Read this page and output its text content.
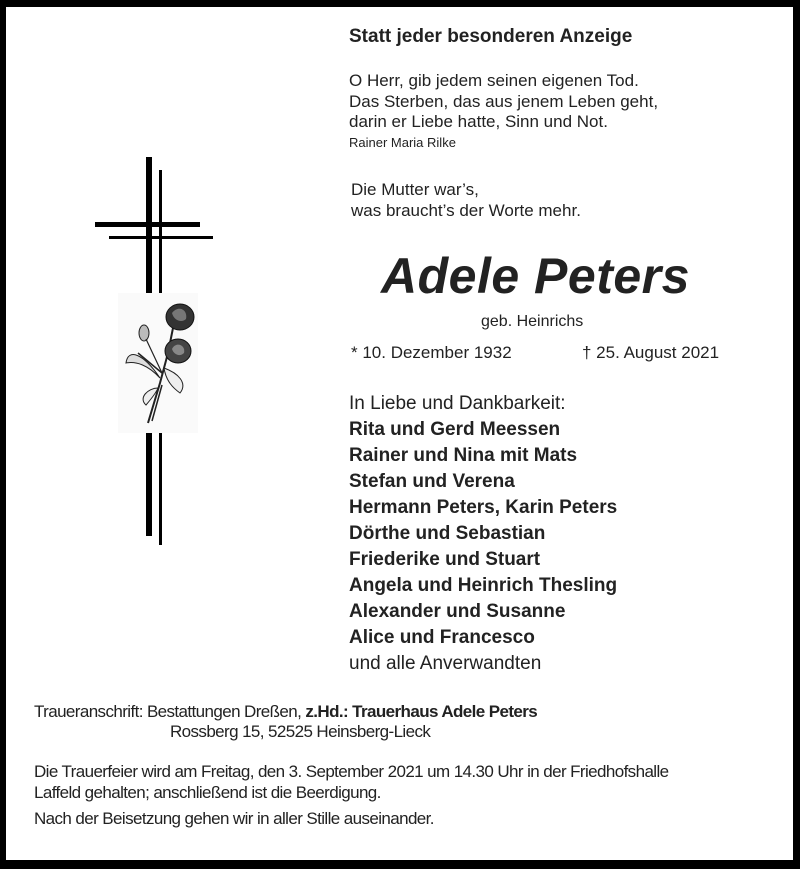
Statt jeder besonderen Anzeige
O Herr, gib jedem seinen eigenen Tod.
Das Sterben, das aus jenem Leben geht,
darin er Liebe hatte, Sinn und Not.
Rainer Maria Rilke
Die Mutter war’s,
was braucht’s der Worte mehr.
Adele Peters
geb. Heinrichs
* 10. Dezember 1932	† 25. August 2021
In Liebe und Dankbarkeit:
Rita und Gerd Meessen
Rainer und Nina mit Mats
Stefan und Verena
Hermann Peters, Karin Peters
Dörthe und Sebastian
Friederike und Stuart
Angela und Heinrich Thesling
Alexander und Susanne
Alice und Francesco
und alle Anverwandten
Traueranschrift: Bestattungen Dreßen, z.Hd.: Trauerhaus Adele Peters
Rossberg 15, 52525 Heinsberg-Lieck
Die Trauerfeier wird am Freitag, den 3. September 2021 um 14.30 Uhr in der Friedhofshalle
Laffeld gehalten; anschließend ist die Beerdigung.
Nach der Beisetzung gehen wir in aller Stille auseinander.
